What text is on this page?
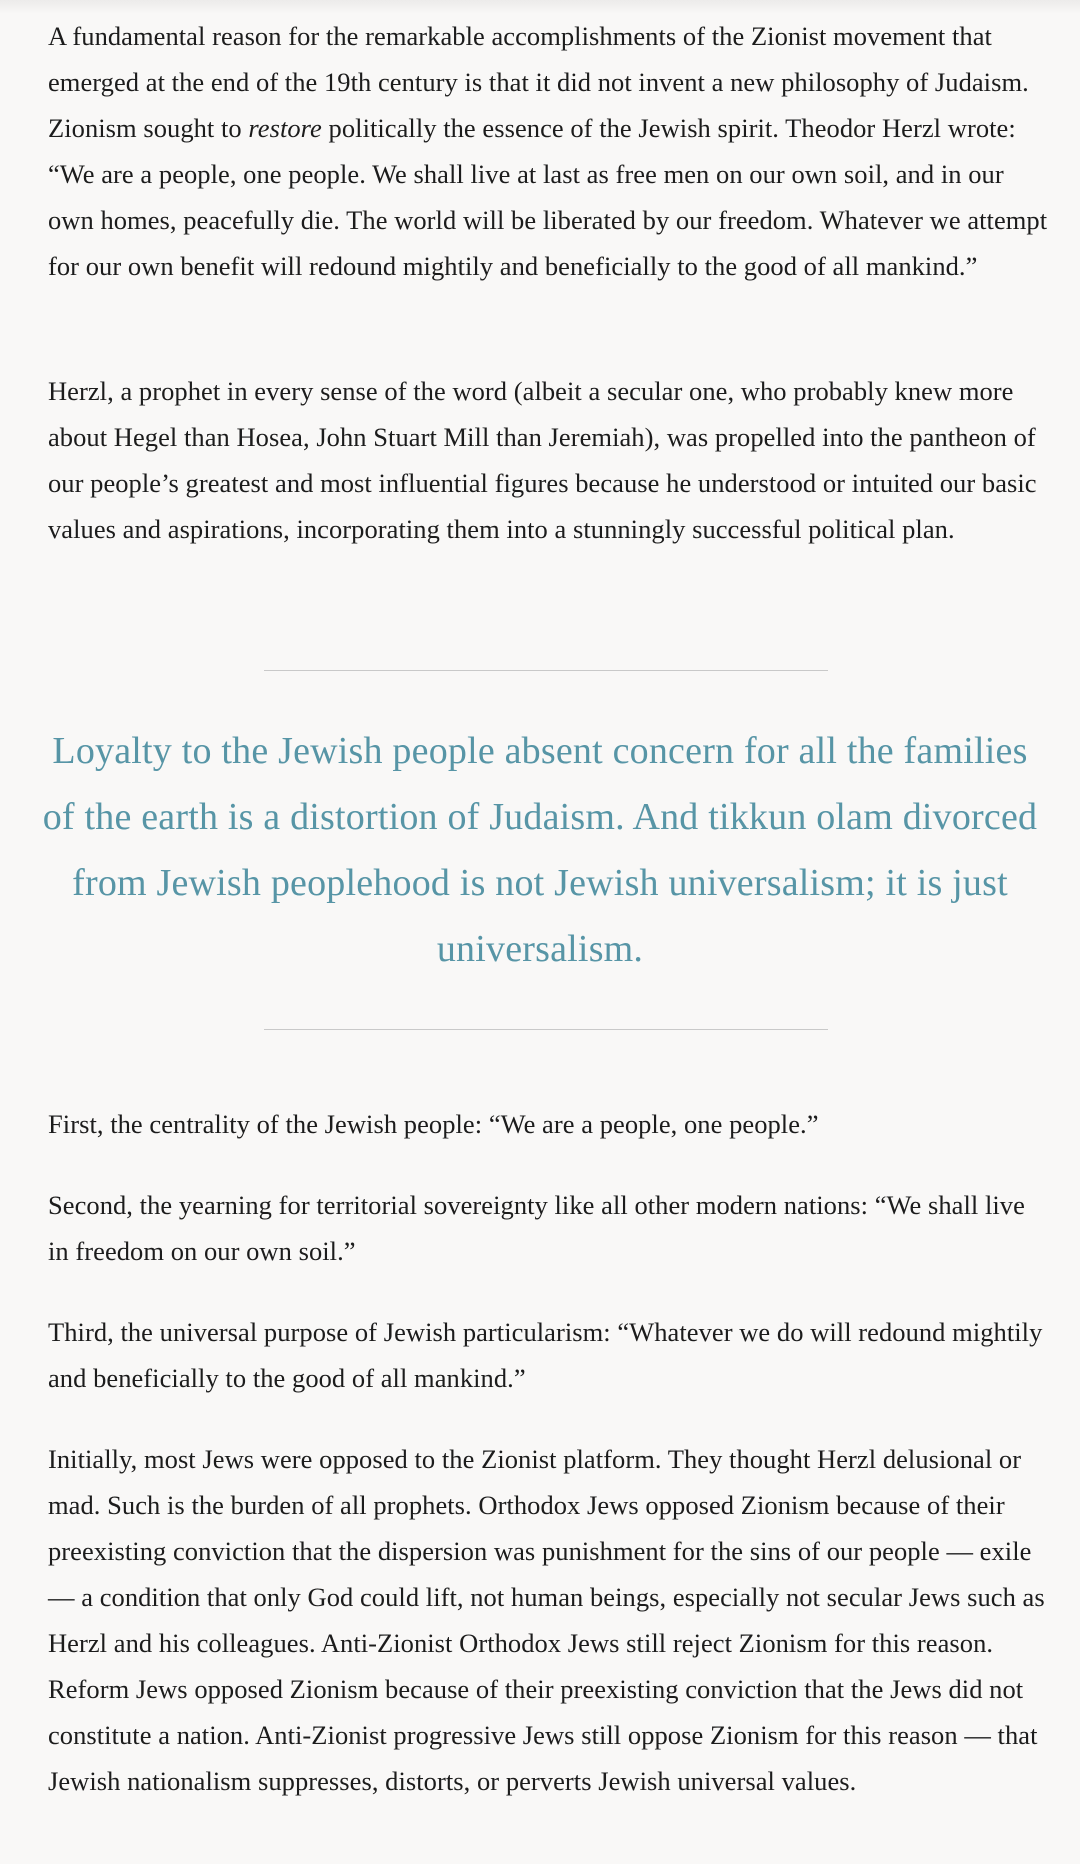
A fundamental reason for the remarkable accomplishments of the Zionist movement that emerged at the end of the 19th century is that it did not invent a new philosophy of Judaism. Zionism sought to restore politically the essence of the Jewish spirit. Theodor Herzl wrote: “We are a people, one people. We shall live at last as free men on our own soil, and in our own homes, peacefully die. The world will be liberated by our freedom. Whatever we attempt for our own benefit will redound mightily and beneficially to the good of all mankind.”

Herzl, a prophet in every sense of the word (albeit a secular one, who probably knew more about Hegel than Hosea, John Stuart Mill than Jeremiah), was propelled into the pantheon of our people’s greatest and most influential figures because he understood or intuited our basic values and aspirations, incorporating them into a stunningly successful political plan.

Loyalty to the Jewish people absent concern for all the families of the earth is a distortion of Judaism. And tikkun olam divorced from Jewish peoplehood is not Jewish universalism; it is just universalism.

First, the centrality of the Jewish people: “We are a people, one people.”

Second, the yearning for territorial sovereignty like all other modern nations: “We shall live in freedom on our own soil.”

Third, the universal purpose of Jewish particularism: “Whatever we do will redound mightily and beneficially to the good of all mankind.”

Initially, most Jews were opposed to the Zionist platform. They thought Herzl delusional or mad. Such is the burden of all prophets. Orthodox Jews opposed Zionism because of their preexisting conviction that the dispersion was punishment for the sins of our people — exile — a condition that only God could lift, not human beings, especially not secular Jews such as Herzl and his colleagues. Anti-Zionist Orthodox Jews still reject Zionism for this reason. Reform Jews opposed Zionism because of their preexisting conviction that the Jews did not constitute a nation. Anti-Zionist progressive Jews still oppose Zionism for this reason — that Jewish nationalism suppresses, distorts, or perverts Jewish universal values.
